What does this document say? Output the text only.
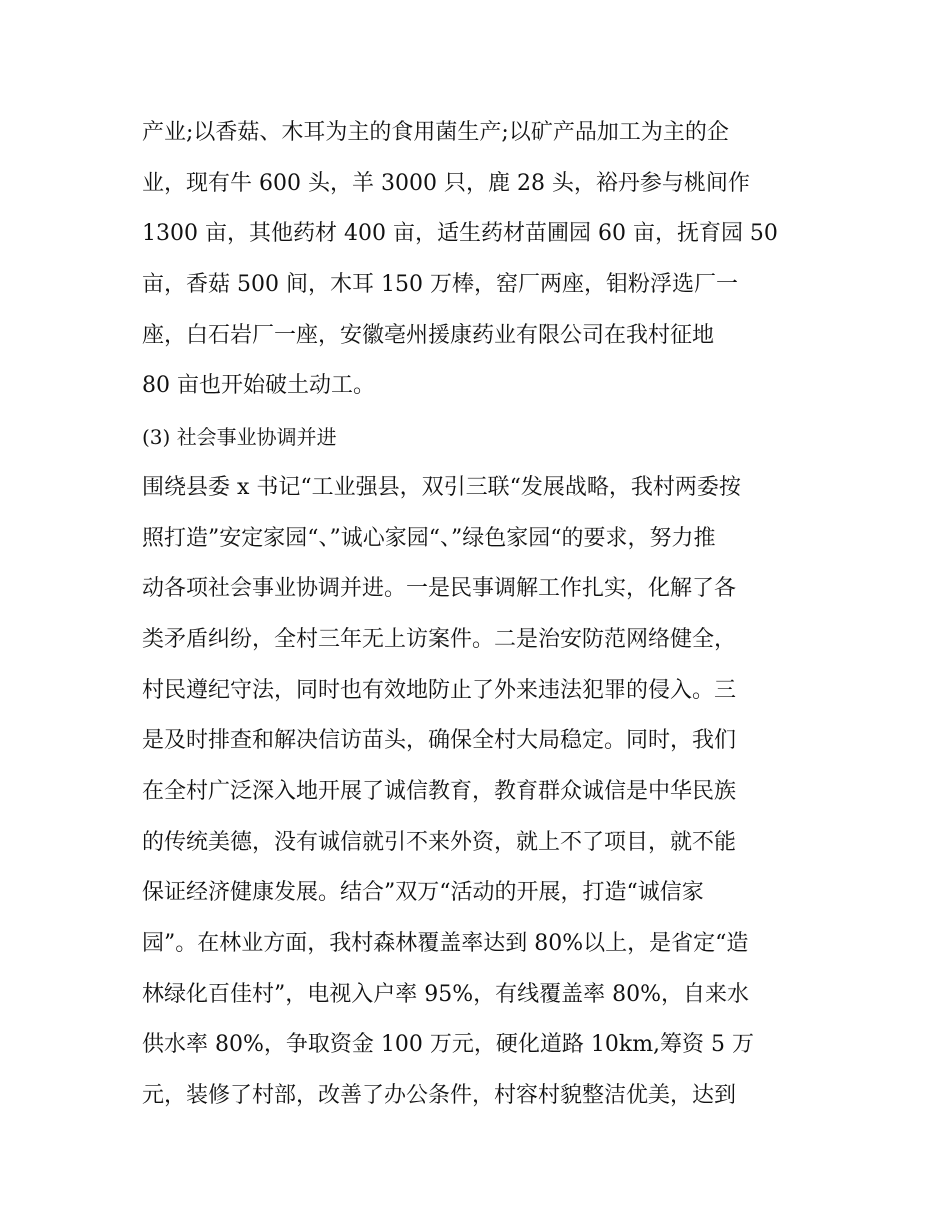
产业;以香菇、木耳为主的食用菌生产;以矿产品加工为主的企
业，现有牛 600 头，羊 3000 只，鹿 28 头，裕丹参与桃间作
1300 亩，其他药材 400 亩，适生药材苗圃园 60 亩，抚育园 50
亩，香菇 500 间，木耳 150 万棒，窑厂两座，钼粉浮选厂一
座，白石岩厂一座，安徽亳州援康药业有限公司在我村征地
80 亩也开始破土动工。
(3) 社会事业协调并进
围绕县委 x 书记“工业强县，双引三联“发展战略，我村两委按
照打造”安定家园“、”诚心家园“、”绿色家园“的要求，努力推
动各项社会事业协调并进。一是民事调解工作扎实，化解了各
类矛盾纠纷，全村三年无上访案件。二是治安防范网络健全，
村民遵纪守法，同时也有效地防止了外来违法犯罪的侵入。三
是及时排查和解决信访苗头，确保全村大局稳定。同时，我们
在全村广泛深入地开展了诚信教育，教育群众诚信是中华民族
的传统美德，没有诚信就引不来外资，就上不了项目，就不能
保证经济健康发展。结合”双万“活动的开展，打造“诚信家
园”。在林业方面，我村森林覆盖率达到 80%以上，是省定“造
林绿化百佳村”，电视入户率 95%，有线覆盖率 80%，自来水
供水率 80%，争取资金 100 万元，硬化道路 10km,筹资 5 万
元，装修了村部，改善了办公条件，村容村貌整洁优美，达到
